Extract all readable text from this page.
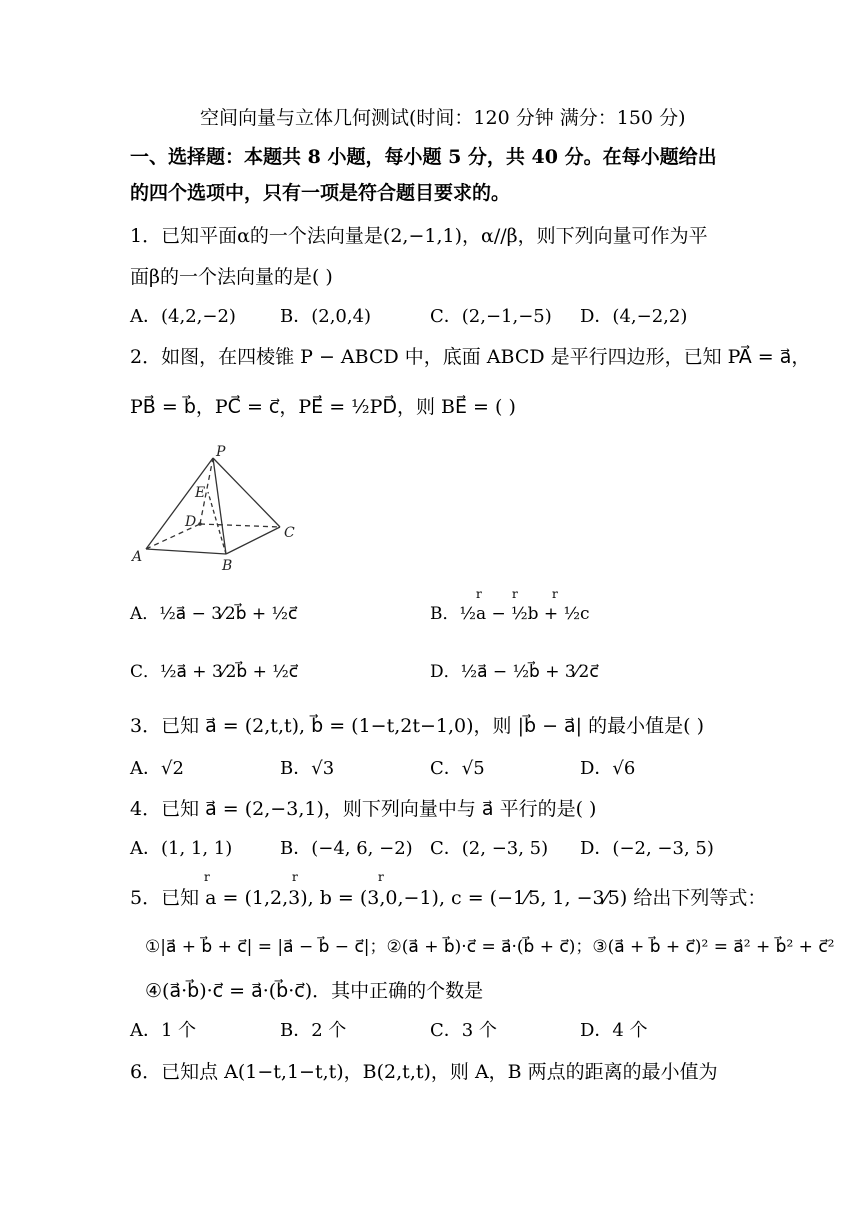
空间向量与立体几何测试(时间：120 分钟 满分：150 分)
一、选择题：本题共 8 小题，每小题 5 分，共 40 分。在每小题给出
的四个选项中，只有一项是符合题目要求的。
1．已知平面α的一个法向量是(2,−1,1)，α//β，则下列向量可作为平
面β的一个法向量的是( )
A．(4,2,−2) B．(2,0,4)	C．(2,−1,−5) D．(4,−2,2)
2．如图，在四棱锥 P − ABCD 中，底面 ABCD 是平行四边形，已知 PA⃗ = a⃗，
PB⃗ = b⃗，PC⃗ = c⃗，PE⃗ = ½PD⃗，则 BE⃗ = ( )
P
E
D
C
A
B
A．½a⃗ − 3⁄2b⃗ + ½c⃗	B．½a − ½b + ½c
r	r	r
C．½a⃗ + 3⁄2b⃗ + ½c⃗	D．½a⃗ − ½b⃗ + 3⁄2c⃗
3．已知 a⃗ = (2,t,t), b⃗ = (1−t,2t−1,0)，则 |b⃗ − a⃗| 的最小值是( )
A．√2	B．√3	C．√5	D．√6
4．已知 a⃗ = (2,−3,1)，则下列向量中与 a⃗ 平行的是( )
A．(1, 1, 1)	B．(−4, 6, −2) C．(2, −3, 5) D．(−2, −3, 5)
r	r	r
5．已知 a = (1,2,3), b = (3,0,−1), c = (−1⁄5, 1, −3⁄5) 给出下列等式：
①|a⃗ + b⃗ + c⃗| = |a⃗ − b⃗ − c⃗|；②(a⃗ + b⃗)·c⃗ = a⃗·(b⃗ + c⃗)；③(a⃗ + b⃗ + c⃗)² = a⃗² + b⃗² + c⃗²
④(a⃗·b⃗)·c⃗ = a⃗·(b⃗·c⃗)．其中正确的个数是
A．1 个	B．2 个	C．3 个	D．4 个
6．已知点 A(1−t,1−t,t)，B(2,t,t)，则 A，B 两点的距离的最小值为
